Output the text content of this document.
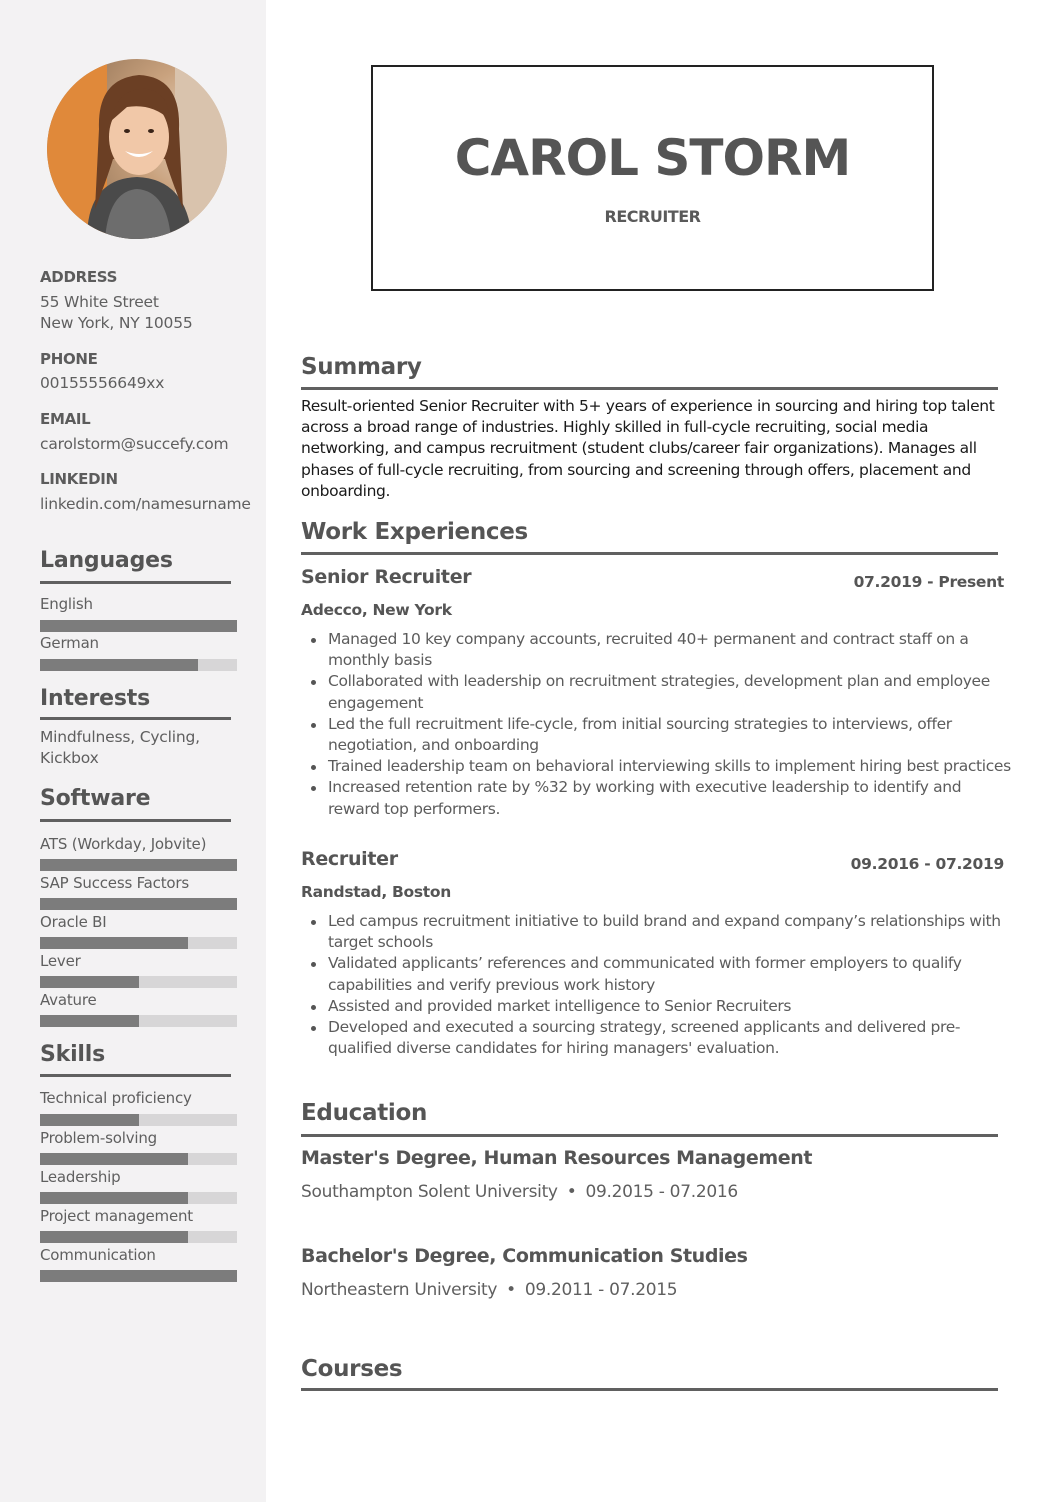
ADDRESS
55 White Street
New York, NY 10055
PHONE
00155556649xx
EMAIL
carolstorm@succefy.com
LINKEDIN
linkedin.com/namesurname
Languages
English
German
Interests
Mindfulness, Cycling,
Kickbox
Software
ATS (Workday, Jobvite)
SAP Success Factors
Oracle BI
Lever
Avature
Skills
Technical proficiency
Problem-solving
Leadership
Project management
Communication
CAROL STORM
RECRUITER
Summary
Result-oriented Senior Recruiter with 5+ years of experience in sourcing and hiring top talent across a broad range of industries. Highly skilled in full-cycle recruiting, social media networking, and campus recruitment (student clubs/career fair organizations). Manages all phases of full-cycle recruiting, from sourcing and screening through offers, placement and onboarding.
Work Experiences
Senior Recruiter	07.2019 - Present
Adecco, New York
Managed 10 key company accounts, recruited 40+ permanent and contract staff on a monthly basis
Collaborated with leadership on recruitment strategies, development plan and employee engagement
Led the full recruitment life-cycle, from initial sourcing strategies to interviews, offer negotiation, and onboarding
Trained leadership team on behavioral interviewing skills to implement hiring best practices
Increased retention rate by %32 by working with executive leadership to identify and reward top performers.
Recruiter	09.2016 - 07.2019
Randstad, Boston
Led campus recruitment initiative to build brand and expand company’s relationships with target schools
Validated applicants’ references and communicated with former employers to qualify capabilities and verify previous work history
Assisted and provided market intelligence to Senior Recruiters
Developed and executed a sourcing strategy, screened applicants and delivered pre-qualified diverse candidates for hiring managers' evaluation.
Education
Master's Degree, Human Resources Management
Southampton Solent University • 09.2015 - 07.2016
Bachelor's Degree, Communication Studies
Northeastern University • 09.2011 - 07.2015
Courses
